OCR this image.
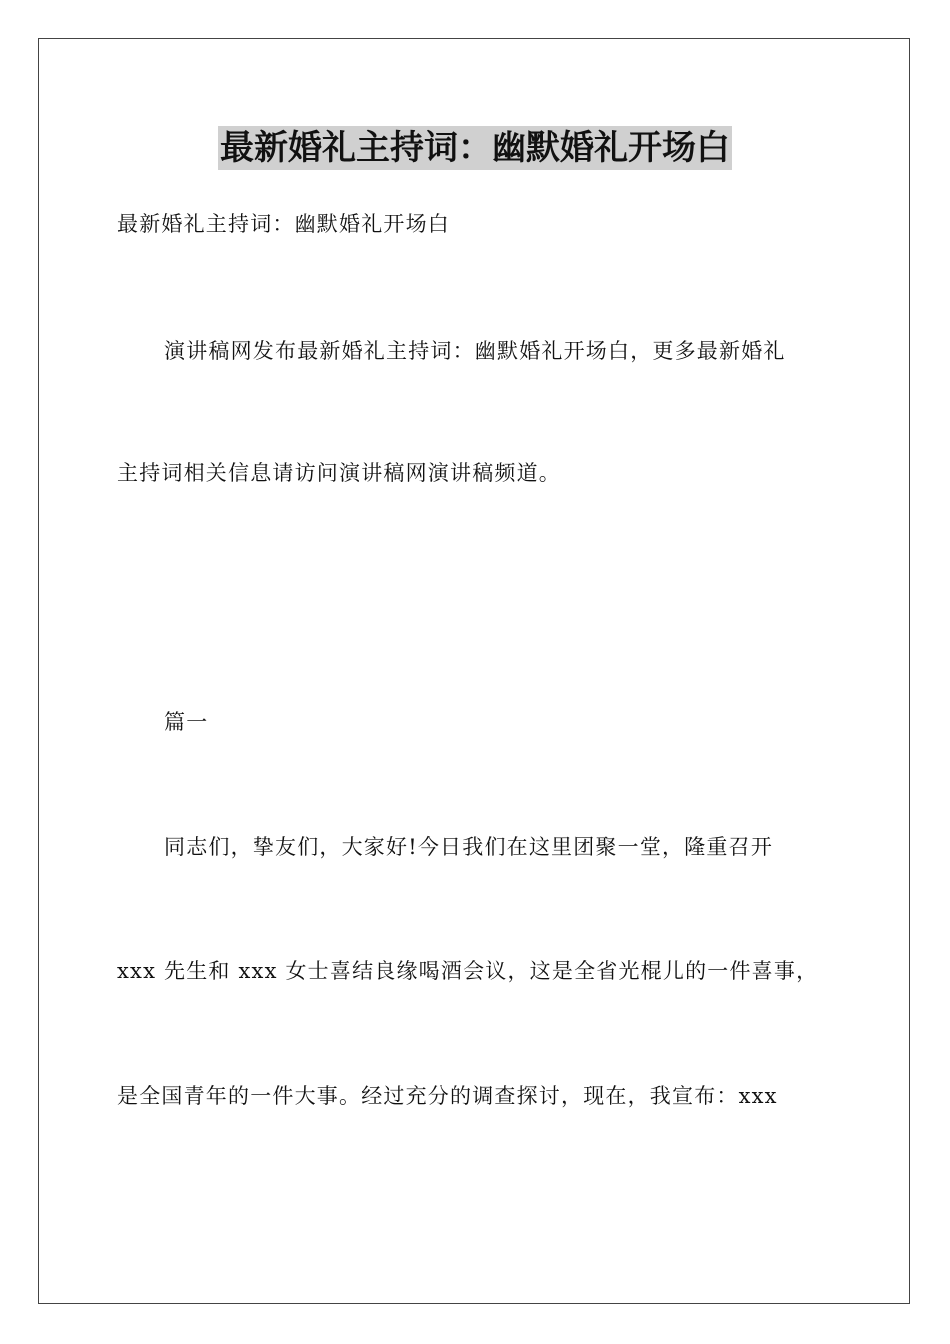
最新婚礼主持词：幽默婚礼开场白
最新婚礼主持词：幽默婚礼开场白
演讲稿网发布最新婚礼主持词：幽默婚礼开场白，更多最新婚礼
主持词相关信息请访问演讲稿网演讲稿频道。
篇一
同志们，挚友们，大家好!今日我们在这里团聚一堂，隆重召开
xxx 先生和 xxx 女士喜结良缘喝酒会议，这是全省光棍儿的一件喜事，
是全国青年的一件大事。经过充分的调查探讨，现在，我宣布：xxx
